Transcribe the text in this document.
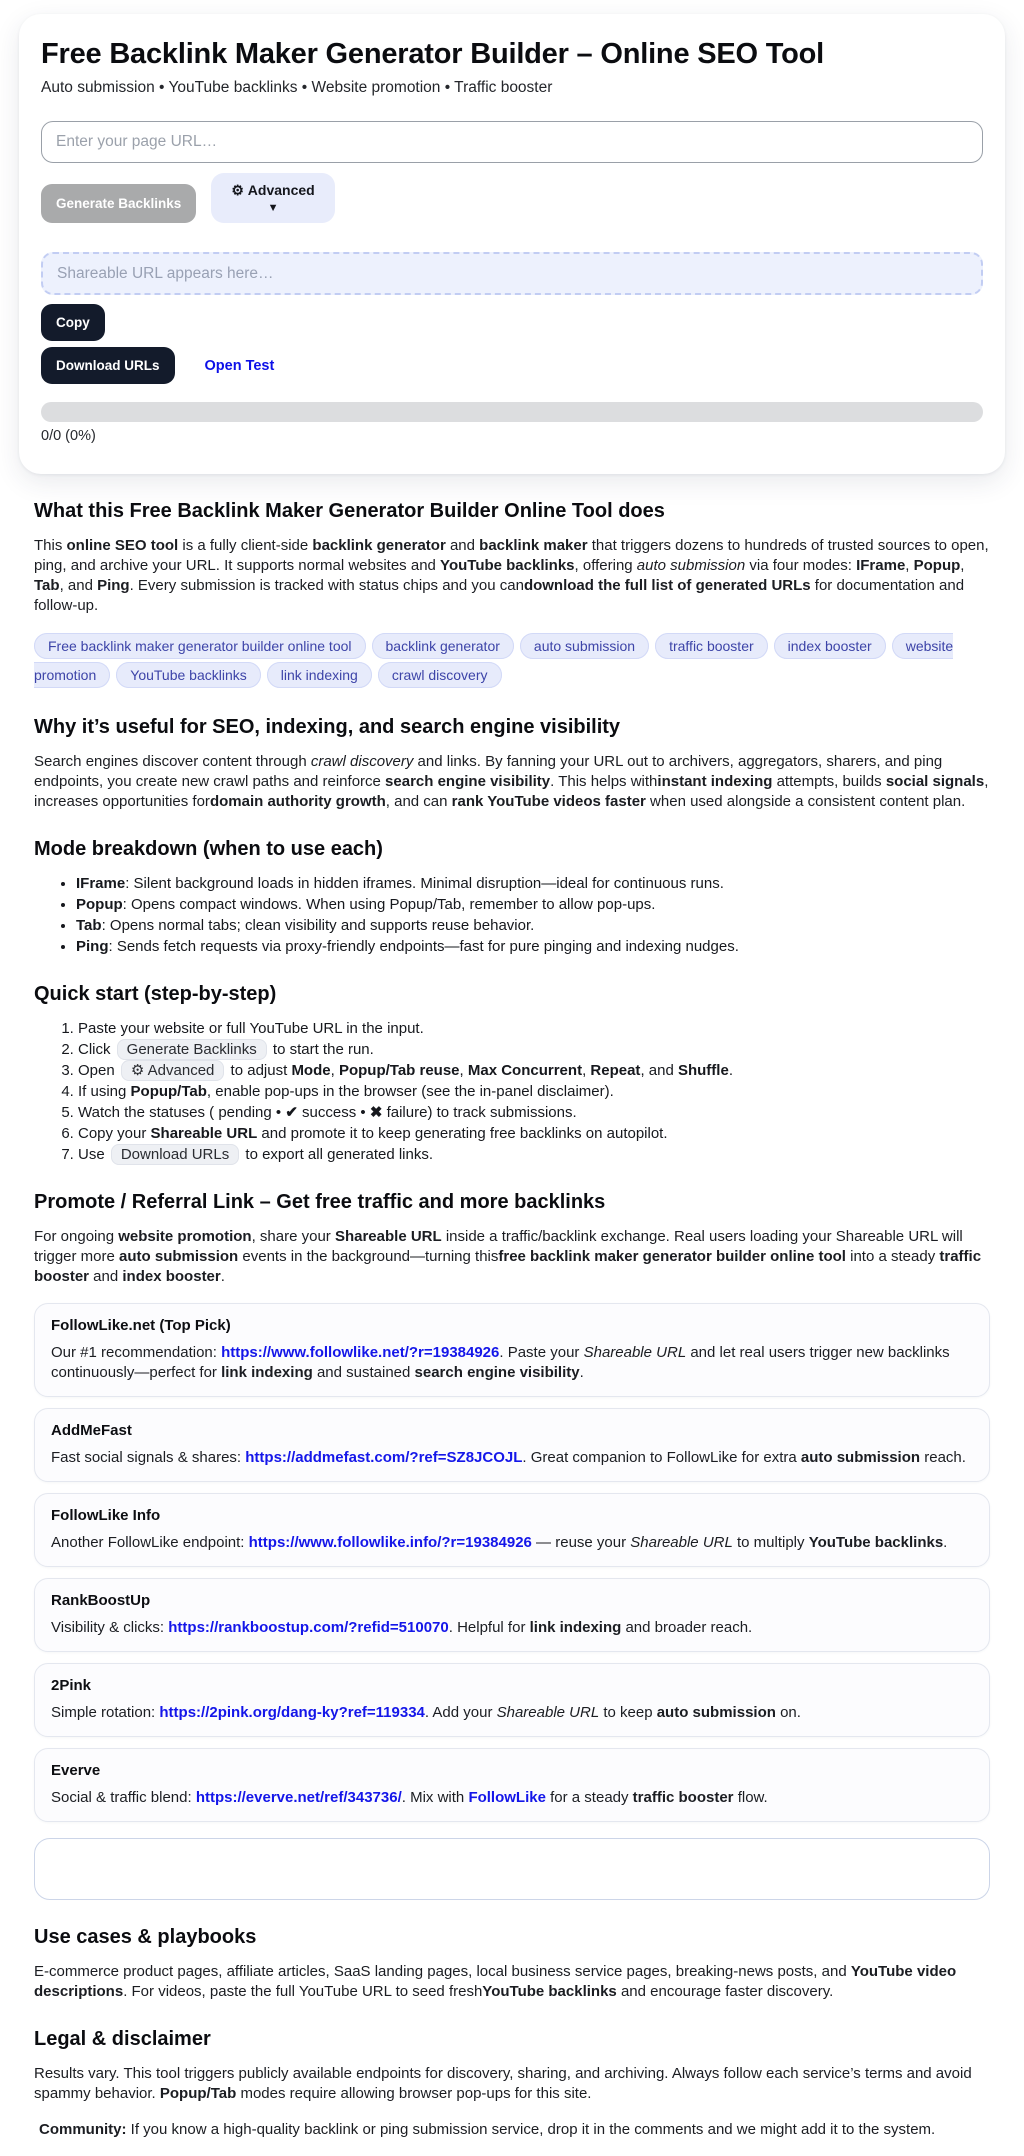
Free Backlink Maker Generator Builder – Online SEO Tool

Auto submission • YouTube backlinks • Website promotion • Traffic booster

Enter your page URL…
Generate Backlinks
⚙ Advanced
▼
Shareable URL appears here…
Copy
Download URLs	Open Test
0/0 (0%)
What this Free Backlink Maker Generator Builder Online Tool does

This online SEO tool is a fully client-side backlink generator and backlink maker that triggers dozens to hundreds of trusted sources to open, ping, and archive your URL. It supports normal websites and YouTube backlinks, offering auto submission via four modes: IFrame, Popup, Tab, and Ping. Every submission is tracked with status chips and you candownload the full list of generated URLs for documentation and follow-up.

Free backlink maker generator builder online tool backlink generator auto submission traffic booster index booster website promotion YouTube backlinks link indexing crawl discovery
Why it’s useful for SEO, indexing, and search engine visibility

Search engines discover content through crawl discovery and links. By fanning your URL out to archivers, aggregators, sharers, and ping endpoints, you create new crawl paths and reinforce search engine visibility. This helps withinstant indexing attempts, builds social signals, increases opportunities fordomain authority growth, and can rank YouTube videos faster when used alongside a consistent content plan.

Mode breakdown (when to use each)
• IFrame: Silent background loads in hidden iframes. Minimal disruption—ideal for continuous runs.
• Popup: Opens compact windows. When using Popup/Tab, remember to allow pop-ups.
• Tab: Opens normal tabs; clean visibility and supports reuse behavior.
• Ping: Sends fetch requests via proxy-friendly endpoints—fast for pure pinging and indexing nudges.
Quick start (step-by-step)
1. Paste your website or full YouTube URL in the input.
2. Click Generate Backlinks to start the run.
3. Open ⚙ Advanced to adjust Mode, Popup/Tab reuse, Max Concurrent, Repeat, and Shuffle.
4. If using Popup/Tab, enable pop-ups in the browser (see the in-panel disclaimer).
5. Watch the statuses ( pending • ✔ success • ✖ failure) to track submissions.
6. Copy your Shareable URL and promote it to keep generating free backlinks on autopilot.
7. Use Download URLs to export all generated links.
Promote / Referral Link – Get free traffic and more backlinks

For ongoing website promotion, share your Shareable URL inside a traffic/backlink exchange. Real users loading your Shareable URL will trigger more auto submission events in the background—turning thisfree backlink maker generator builder online tool into a steady traffic booster and index booster.

FollowLike.net (Top Pick)

Our #1 recommendation: https://www.followlike.net/?r=19384926. Paste your Shareable URL and let real users trigger new backlinks continuously—perfect for link indexing and sustained search engine visibility.

AddMeFast

Fast social signals & shares: https://addmefast.com/?ref=SZ8JCOJL. Great companion to FollowLike for extra auto submission reach.

FollowLike Info

Another FollowLike endpoint: https://www.followlike.info/?r=19384926 — reuse your Shareable URL to multiply YouTube backlinks.

RankBoostUp

Visibility & clicks: https://rankboostup.com/?refid=510070. Helpful for link indexing and broader reach.

2Pink

Simple rotation: https://2pink.org/dang-ky?ref=119334. Add your Shareable URL to keep auto submission on.

Everve

Social & traffic blend: https://everve.net/ref/343736/. Mix with FollowLike for a steady traffic booster flow.

Use cases & playbooks

E-commerce product pages, affiliate articles, SaaS landing pages, local business service pages, breaking-news posts, and YouTube video descriptions. For videos, paste the full YouTube URL to seed freshYouTube backlinks and encourage faster discovery.

Legal & disclaimer

Results vary. This tool triggers publicly available endpoints for discovery, sharing, and archiving. Always follow each service’s terms and avoid spammy behavior. Popup/Tab modes require allowing browser pop-ups for this site.

Community: If you know a high-quality backlink or ping submission service, drop it in the comments and we might add it to the system.
